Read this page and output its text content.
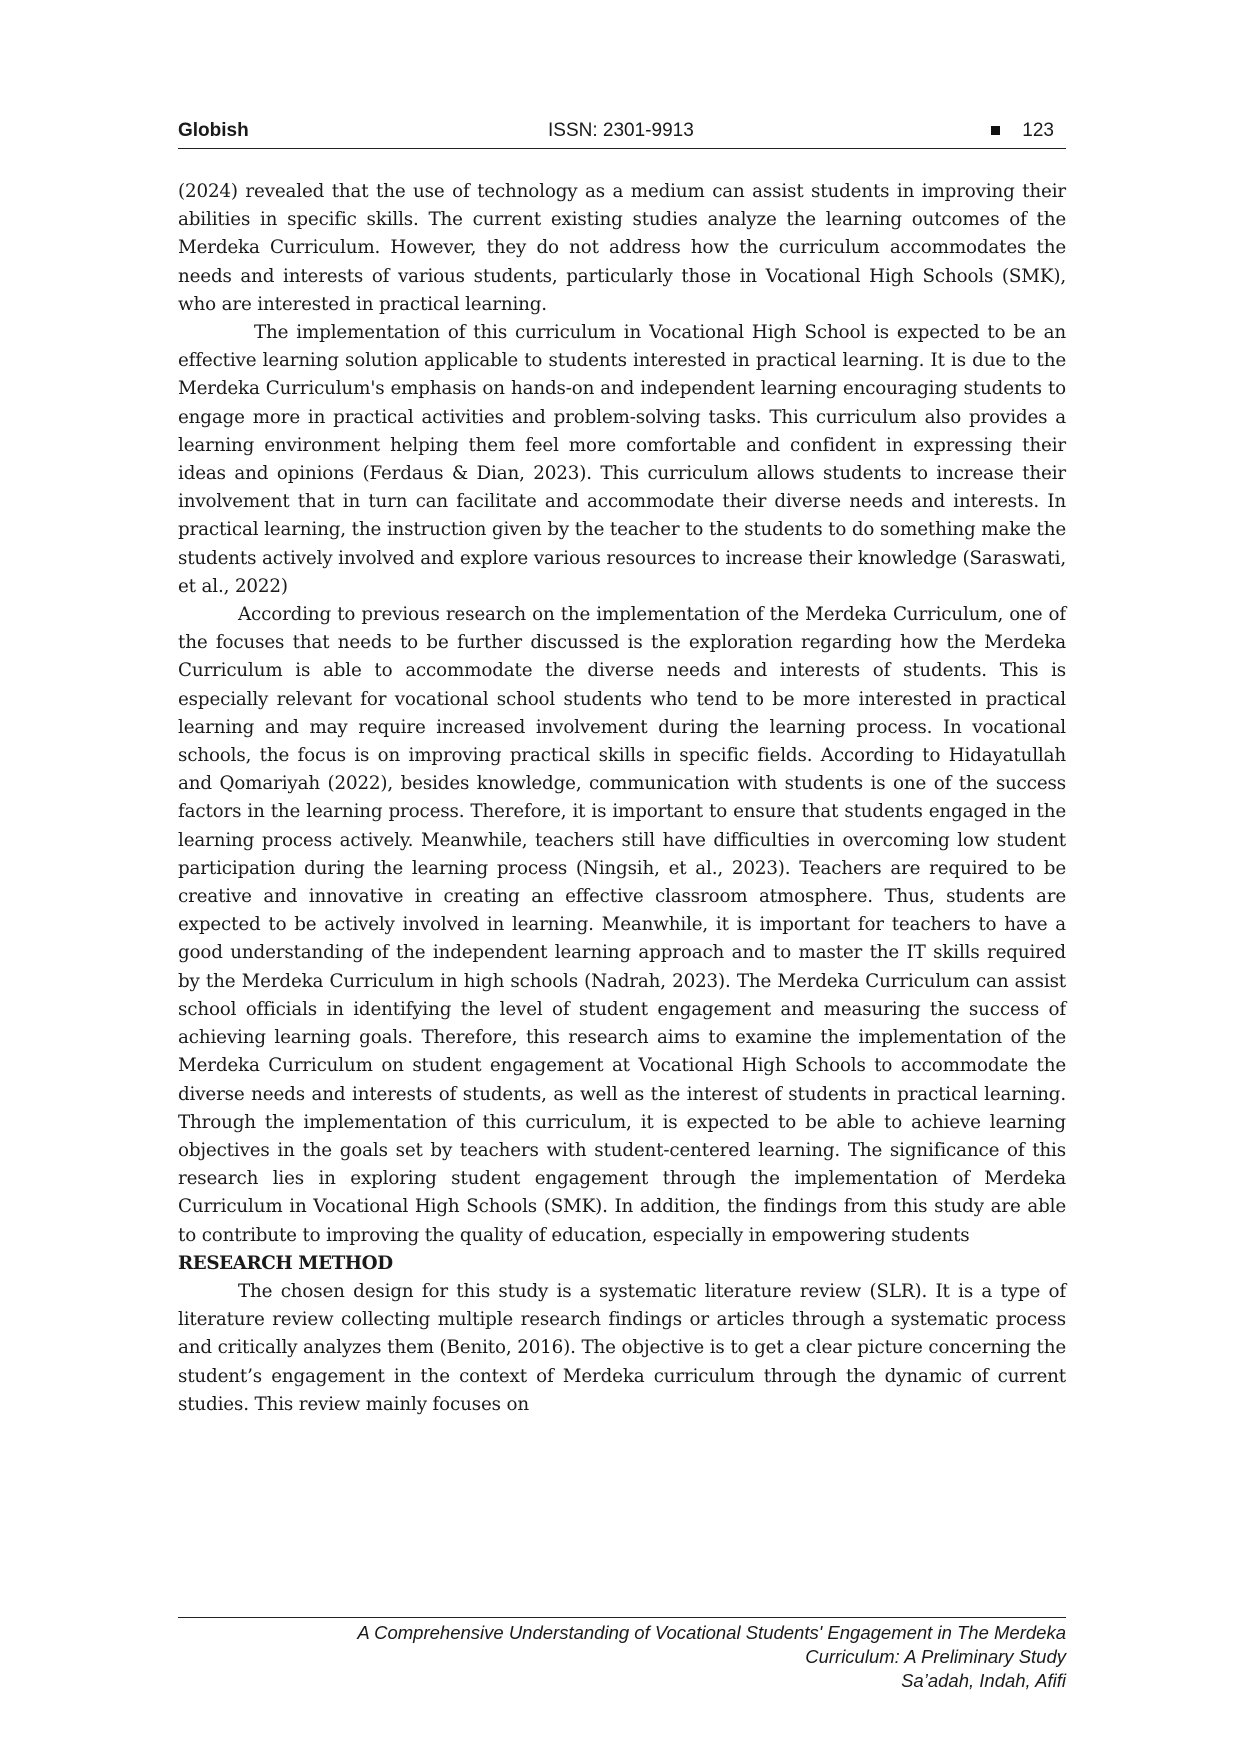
Globish	ISSN: 2301-9913	123

(2024) revealed that the use of technology as a medium can assist students in improving their abilities in specific skills. The current existing studies analyze the learning outcomes of the Merdeka Curriculum. However, they do not address how the curriculum accommodates the needs and interests of various students, particularly those in Vocational High Schools (SMK), who are interested in practical learning.

The implementation of this curriculum in Vocational High School is expected to be an effective learning solution applicable to students interested in practical learning. It is due to the Merdeka Curriculum's emphasis on hands-on and independent learning encouraging students to engage more in practical activities and problem-solving tasks. This curriculum also provides a learning environment helping them feel more comfortable and confident in expressing their ideas and opinions (Ferdaus & Dian, 2023). This curriculum allows students to increase their involvement that in turn can facilitate and accommodate their diverse needs and interests. In practical learning, the instruction given by the teacher to the students to do something make the students actively involved and explore various resources to increase their knowledge (Saraswati, et al., 2022)

According to previous research on the implementation of the Merdeka Curriculum, one of the focuses that needs to be further discussed is the exploration regarding how the Merdeka Curriculum is able to accommodate the diverse needs and interests of students. This is especially relevant for vocational school students who tend to be more interested in practical learning and may require increased involvement during the learning process. In vocational schools, the focus is on improving practical skills in specific fields. According to Hidayatullah and Qomariyah (2022), besides knowledge, communication with students is one of the success factors in the learning process. Therefore, it is important to ensure that students engaged in the learning process actively. Meanwhile, teachers still have difficulties in overcoming low student participation during the learning process (Ningsih, et al., 2023). Teachers are required to be creative and innovative in creating an effective classroom atmosphere. Thus, students are expected to be actively involved in learning. Meanwhile, it is important for teachers to have a good understanding of the independent learning approach and to master the IT skills required by the Merdeka Curriculum in high schools (Nadrah, 2023). The Merdeka Curriculum can assist school officials in identifying the level of student engagement and measuring the success of achieving learning goals. Therefore, this research aims to examine the implementation of the Merdeka Curriculum on student engagement at Vocational High Schools to accommodate the diverse needs and interests of students, as well as the interest of students in practical learning. Through the implementation of this curriculum, it is expected to be able to achieve learning objectives in the goals set by teachers with student-centered learning. The significance of this research lies in exploring student engagement through the implementation of Merdeka Curriculum in Vocational High Schools (SMK). In addition, the findings from this study are able to contribute to improving the quality of education, especially in empowering students

RESEARCH METHOD

The chosen design for this study is a systematic literature review (SLR). It is a type of literature review collecting multiple research findings or articles through a systematic process and critically analyzes them (Benito, 2016). The objective is to get a clear picture concerning the student’s engagement in the context of Merdeka curriculum through the dynamic of current studies. This review mainly focuses on

A Comprehensive Understanding of Vocational Students' Engagement in The Merdeka
Curriculum: A Preliminary Study
Sa’adah, Indah, Afifi
